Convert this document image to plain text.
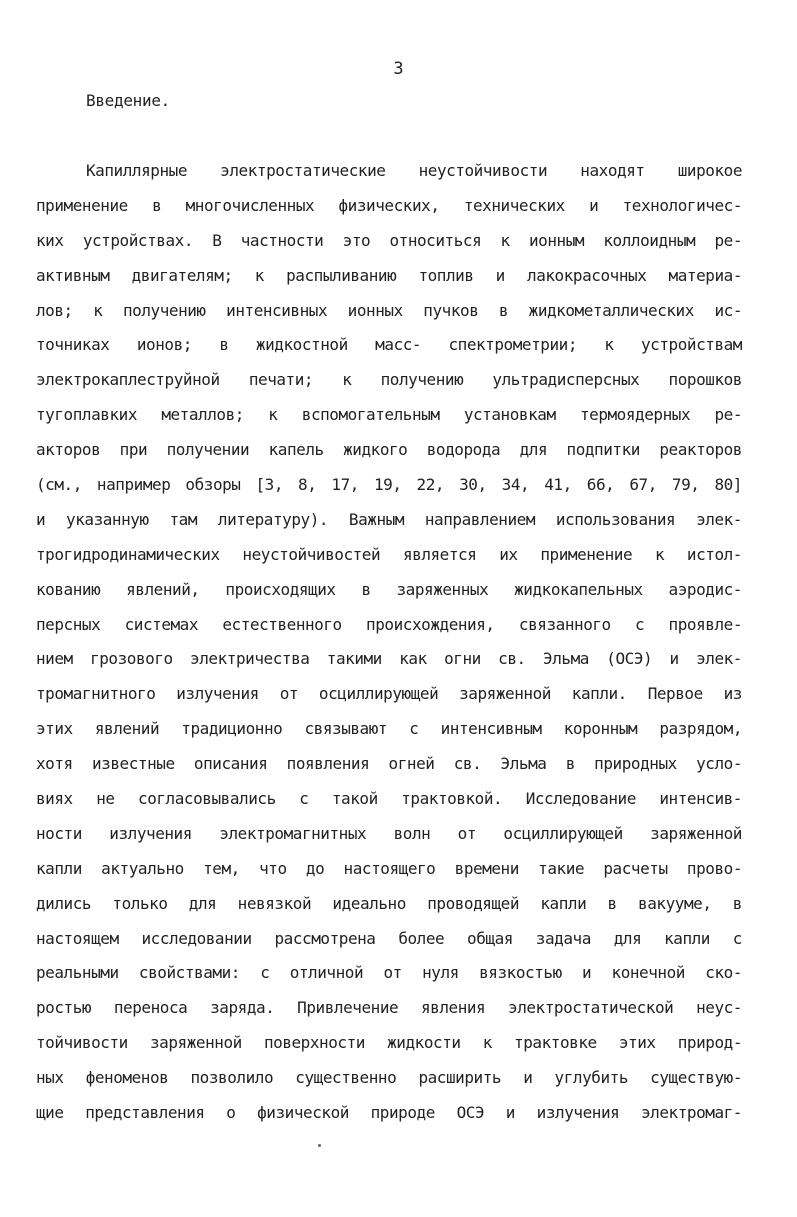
3
Введение.
Капиллярные электростатические неустойчивости находят широкое
применение в многочисленных физических, технических и технологичес-
ких устройствах. В частности это относиться к ионным коллоидным ре-
активным двигателям; к распыливанию топлив и лакокрасочных материа-
лов; к получению интенсивных ионных пучков в жидкометаллических ис-
точниках ионов; в жидкостной масс- спектрометрии; к устройствам
электрокаплеструйной печати; к получению ультрадисперсных порошков
тугоплавких металлов; к вспомогательным установкам термоядерных ре-
акторов при получении капель жидкого водорода для подпитки реакторов
(см., например обзоры [3, 8, 17, 19, 22, 30, 34, 41, 66, 67, 79, 80]
и указанную там литературу). Важным направлением использования элек-
трогидродинамических неустойчивостей является их применение к истол-
кованию явлений, происходящих в заряженных жидкокапельных аэродис-
персных системах естественного происхождения, связанного с проявле-
нием грозового электричества такими как огни св. Эльма (ОСЭ) и элек-
тромагнитного излучения от осциллирующей заряженной капли. Первое из
этих явлений традиционно связывают с интенсивным коронным разрядом,
хотя известные описания появления огней св. Эльма в природных усло-
виях не согласовывались с такой трактовкой. Исследование интенсив-
ности излучения электромагнитных волн от осциллирующей заряженной
капли актуально тем, что до настоящего времени такие расчеты прово-
дились только для невязкой идеально проводящей капли в вакууме, в
настоящем исследовании рассмотрена более общая задача для капли с
реальными свойствами: с отличной от нуля вязкостью и конечной ско-
ростью переноса заряда. Привлечение явления электростатической неус-
тойчивости заряженной поверхности жидкости к трактовке этих природ-
ных феноменов позволило существенно расширить и углубить существую-
щие представления о физической природе ОСЭ и излучения электромаг-
